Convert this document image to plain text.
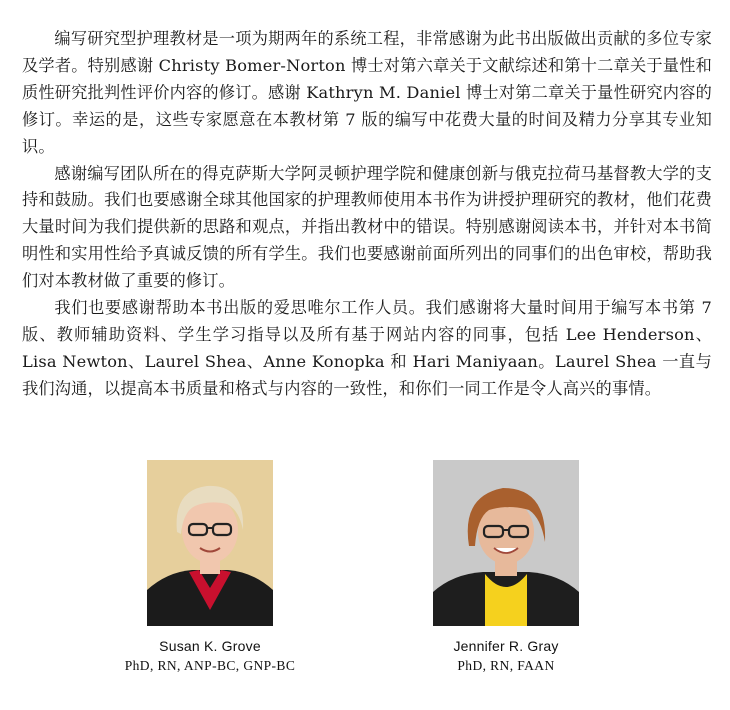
编写研究型护理教材是一项为期两年的系统工程，非常感谢为此书出版做出贡献的多位专家及学者。特别感谢 Christy Bomer-Norton 博士对第六章关于文献综述和第十二章关于量性和质性研究批判性评价内容的修订。感谢 Kathryn M. Daniel 博士对第二章关于量性研究内容的修订。幸运的是，这些专家愿意在本教材第 7 版的编写中花费大量的时间及精力分享其专业知识。

感谢编写团队所在的得克萨斯大学阿灵顿护理学院和健康创新与俄克拉荷马基督教大学的支持和鼓励。我们也要感谢全球其他国家的护理教师使用本书作为讲授护理研究的教材，他们花费大量时间为我们提供新的思路和观点，并指出教材中的错误。特别感谢阅读本书，并针对本书简明性和实用性给予真诚反馈的所有学生。我们也要感谢前面所列出的同事们的出色审校，帮助我们对本教材做了重要的修订。

我们也要感谢帮助本书出版的爱思唯尔工作人员。我们感谢将大量时间用于编写本书第 7 版、教师辅助资料、学生学习指导以及所有基于网站内容的同事，包括 Lee Henderson、Lisa Newton、Laurel Shea、Anne Konopka 和 Hari Maniyaan。Laurel Shea 一直与我们沟通，以提高本书质量和格式与内容的一致性，和你们一同工作是令人高兴的事情。

Susan K. Grove
PhD, RN, ANP-BC, GNP-BC
Jennifer R. Gray
PhD, RN, FAAN
